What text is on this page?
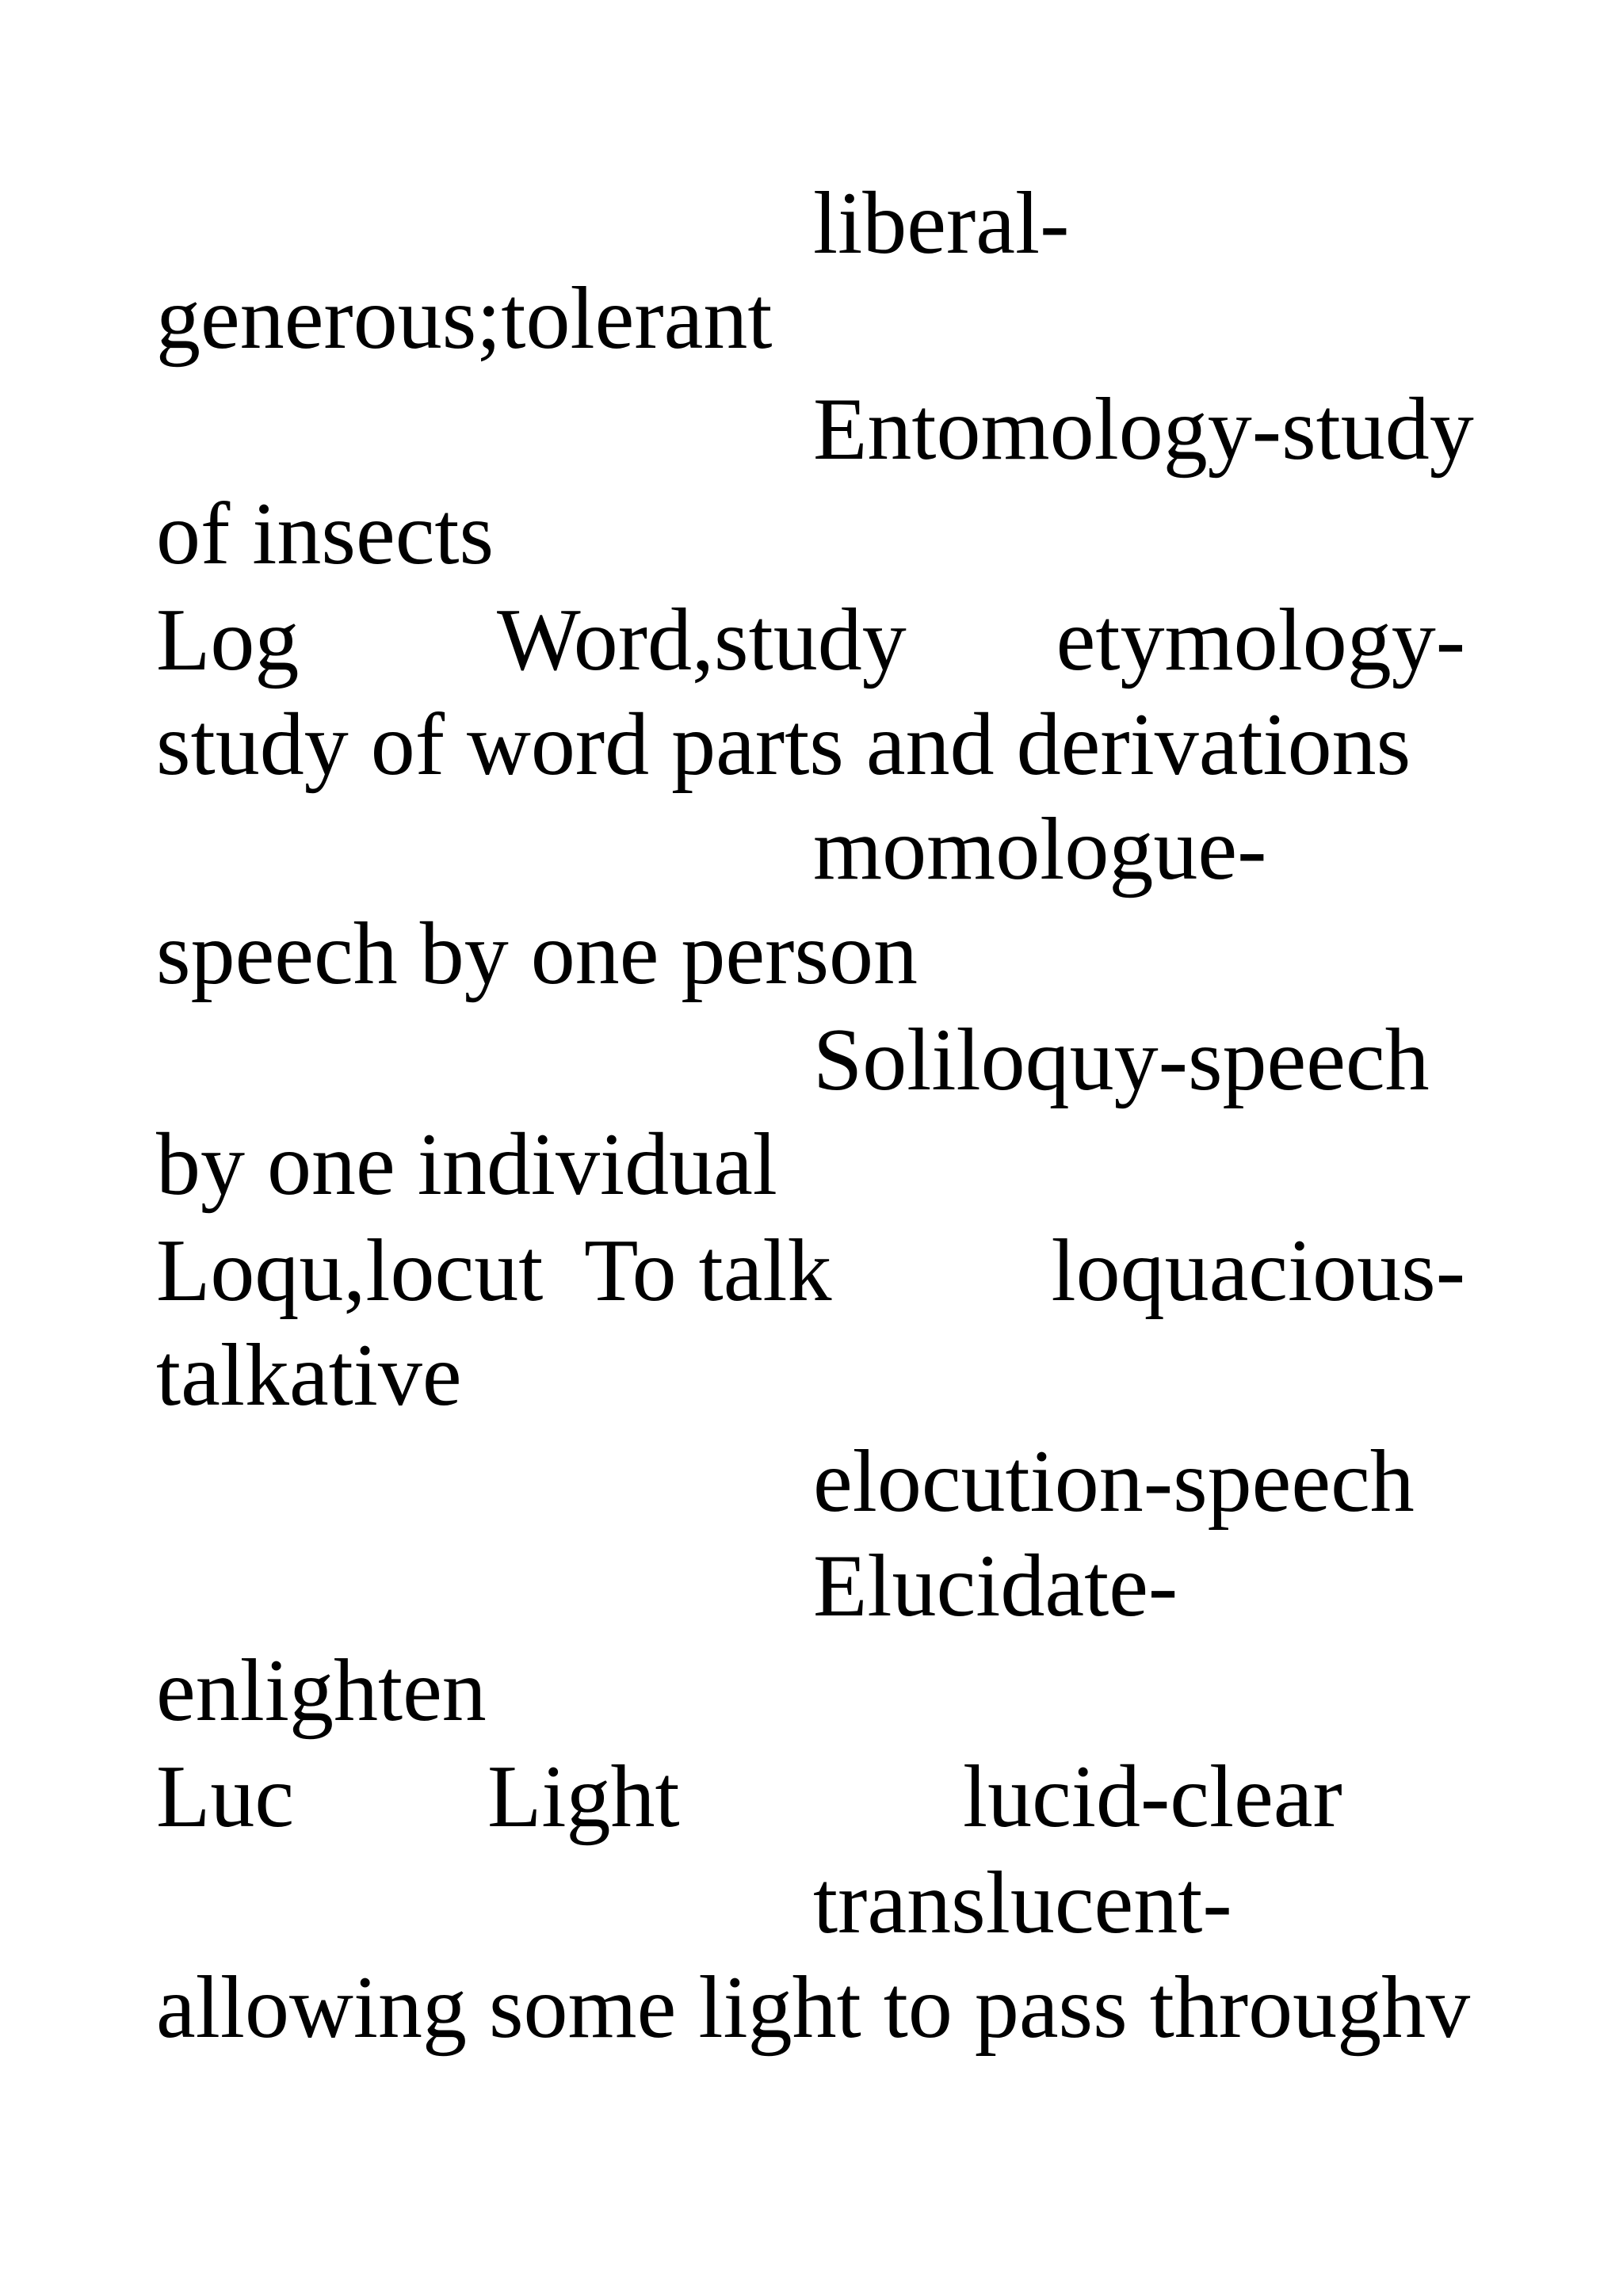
liberal-

generous;tolerant

Entomology-study

of insects

Log Word,study etymology-

study of word parts and derivations

momologue-

speech by one person

Soliloquy-speech

by one individual

Loqu,locut To talk loquacious-

talkative

elocution-speech

Elucidate-

enlighten

Luc Light	lucid-clear

translucent-

allowing some light to pass throughv
